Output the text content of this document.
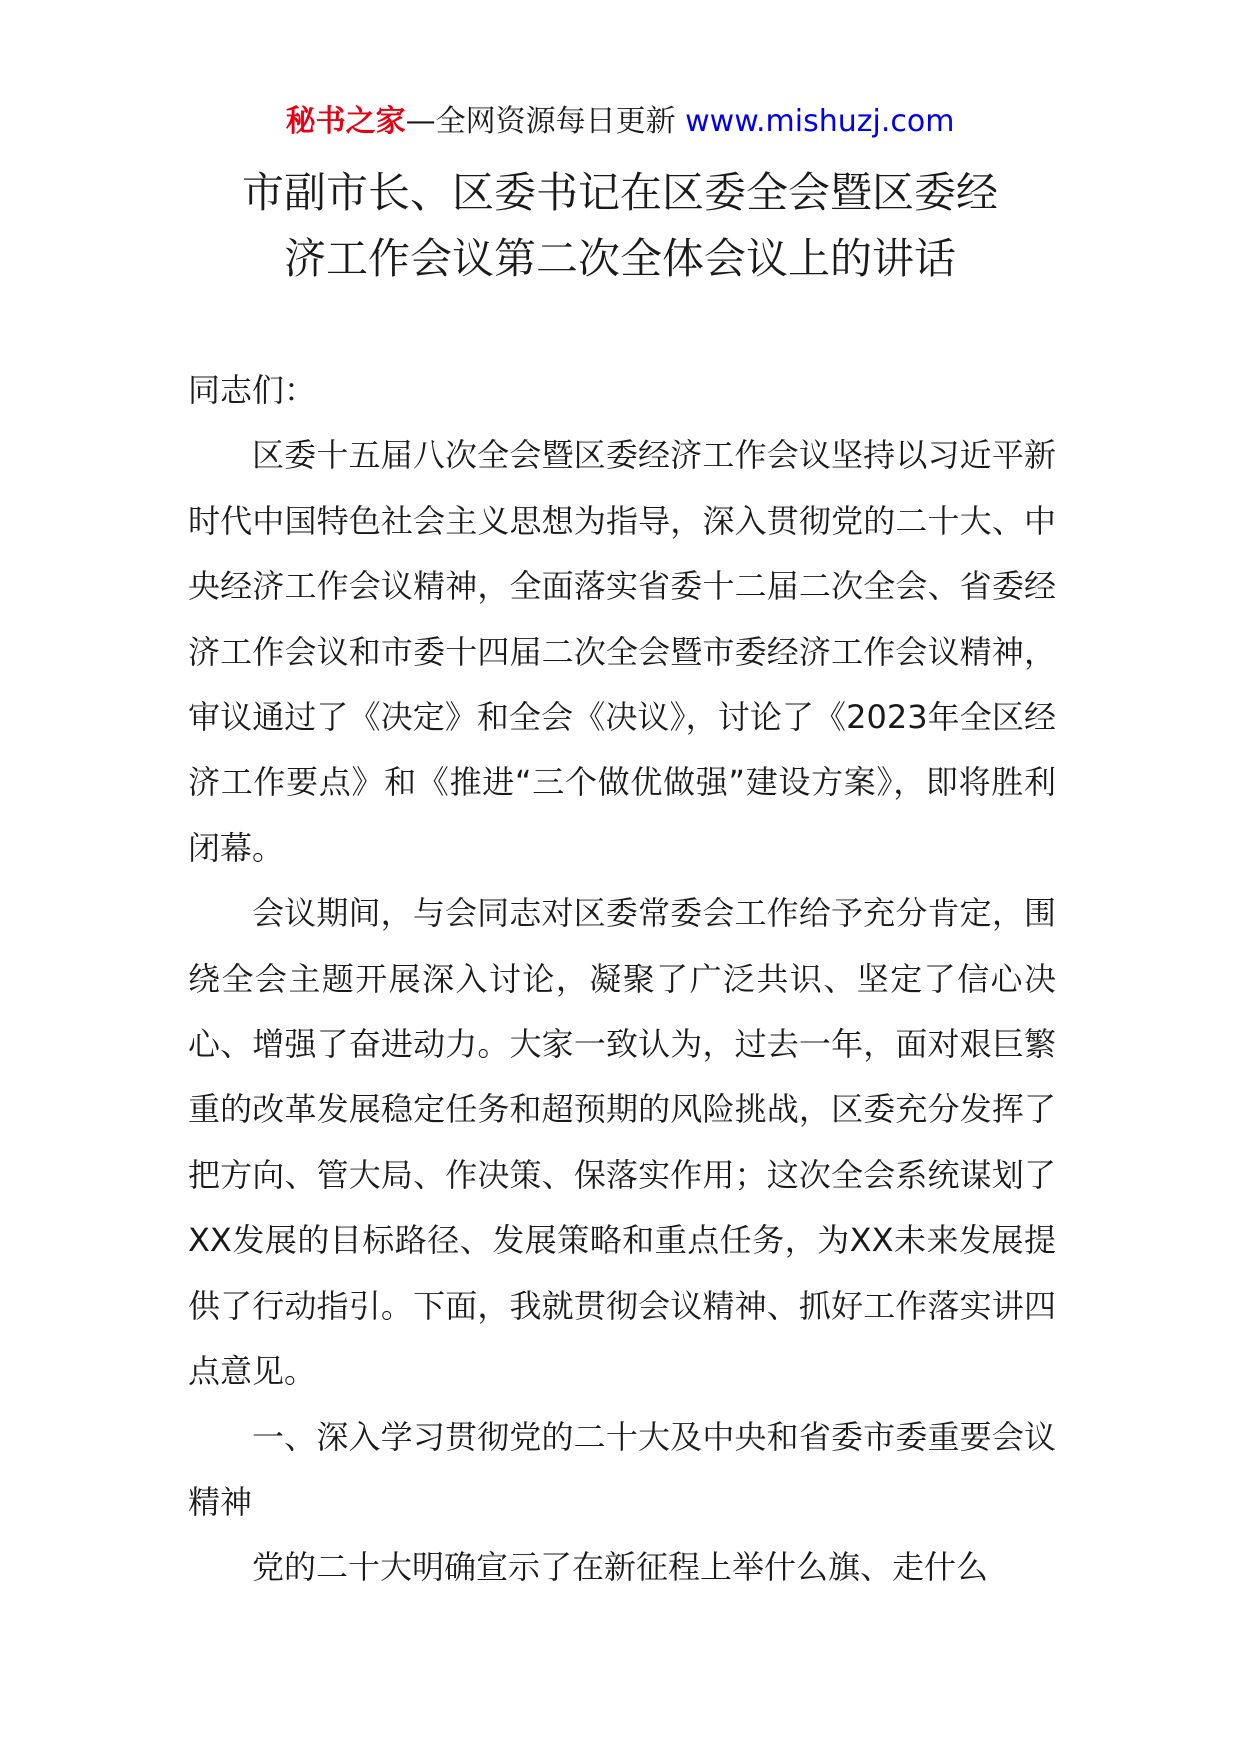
秘书之家—全网资源每日更新 www.mishuzj.com
市副市长、区委书记在区委全会暨区委经
济工作会议第二次全体会议上的讲话

同志们：

区委十五届八次全会暨区委经济工作会议坚持以习近平新时代中国特色社会主义思想为指导，深入贯彻党的二十大、中央经济工作会议精神，全面落实省委十二届二次全会、省委经济工作会议和市委十四届二次全会暨市委经济工作会议精神，审议通过了《决定》和全会《决议》，讨论了《2023年全区经济工作要点》和《推进“三个做优做强”建设方案》，即将胜利闭幕。

会议期间，与会同志对区委常委会工作给予充分肯定，围绕全会主题开展深入讨论，凝聚了广泛共识、坚定了信心决心、增强了奋进动力。大家一致认为，过去一年，面对艰巨繁重的改革发展稳定任务和超预期的风险挑战，区委充分发挥了把方向、管大局、作决策、保落实作用；这次全会系统谋划了XX发展的目标路径、发展策略和重点任务，为XX未来发展提供了行动指引。下面，我就贯彻会议精神、抓好工作落实讲四点意见。

一、深入学习贯彻党的二十大及中央和省委市委重要会议精神

党的二十大明确宣示了在新征程上举什么旗、走什么
